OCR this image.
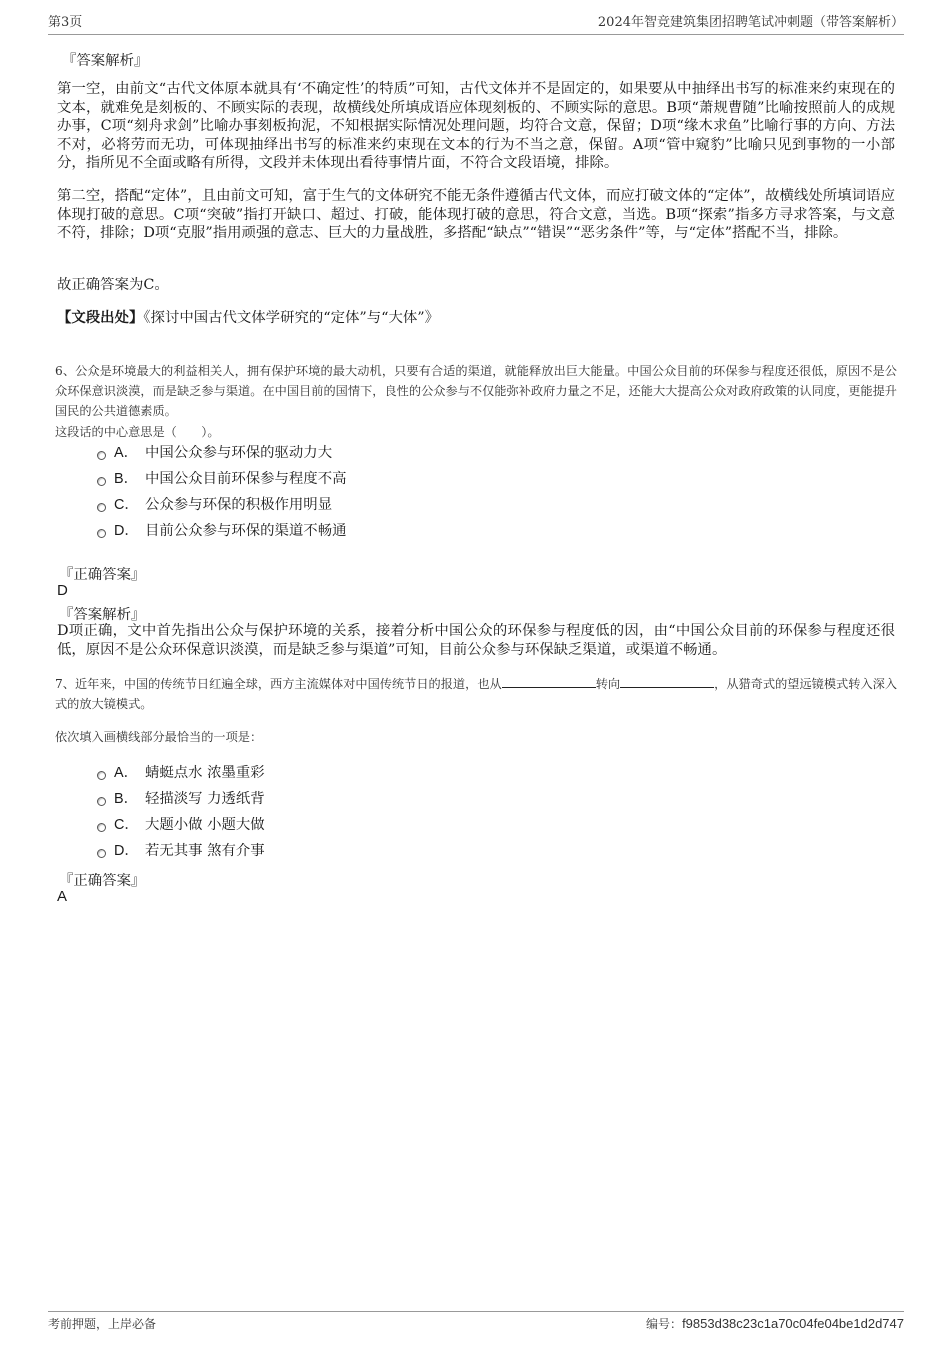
第3页	2024年智竞建筑集团招聘笔试冲刺题（带答案解析）
『答案解析』
第一空，由前文“古代文体原本就具有‘不确定性’的特质”可知，古代文体并不是固定的，如果要从中抽绎出书写的标准来约束现在的文本，就难免是刻板的、不顾实际的表现，故横线处所填成语应体现刻板的、不顾实际的意思。B项“萧规曹随”比喻按照前人的成规办事，C项“刻舟求剑”比喻办事刻板拘泥，不知根据实际情况处理问题，均符合文意，保留；D项“缘木求鱼”比喻行事的方向、方法不对，必将劳而无功，可体现抽绎出书写的标准来约束现在文本的行为不当之意，保留。A项“管中窥豹”比喻只见到事物的一小部分，指所见不全面或略有所得，文段并未体现出看待事情片面，不符合文段语境，排除。
第二空，搭配“定体”，且由前文可知，富于生气的文体研究不能无条件遵循古代文体，而应打破文体的“定体”，故横线处所填词语应体现打破的意思。C项“突破”指打开缺口、超过、打破，能体现打破的意思，符合文意，当选。B项“探索”指多方寻求答案，与文意不符，排除；D项“克服”指用顽强的意志、巨大的力量战胜，多搭配“缺点”“错误”“恶劣条件”等，与“定体”搭配不当，排除。
故正确答案为C。
【文段出处】《探讨中国古代文体学研究的“定体”与“大体”》
6、公众是环境最大的利益相关人，拥有保护环境的最大动机，只要有合适的渠道，就能释放出巨大能量。中国公众目前的环保参与程度还很低，原因不是公众环保意识淡漠，而是缺乏参与渠道。在中国目前的国情下，良性的公众参与不仅能弥补政府力量之不足，还能大大提高公众对政府政策的认同度，更能提升国民的公共道德素质。
这段话的中心意思是（　　）。
A． 中国公众参与环保的驱动力大
B． 中国公众目前环保参与程度不高
C． 公众参与环保的积极作用明显
D． 目前公众参与环保的渠道不畅通
『正确答案』
D
『答案解析』
D项正确，文中首先指出公众与保护环境的关系，接着分析中国公众的环保参与程度低的因，由“中国公众目前的环保参与程度还很低，原因不是公众环保意识淡漠，而是缺乏参与渠道”可知，目前公众参与环保缺乏渠道，或渠道不畅通。
7、近年来，中国的传统节日红遍全球，西方主流媒体对中国传统节日的报道，也从	转向	，从猎奇式的望远镜模式转入深入式的放大镜模式。
依次填入画横线部分最恰当的一项是：
A． 蜻蜓点水 浓墨重彩
B． 轻描淡写 力透纸背
C． 大题小做 小题大做
D． 若无其事 煞有介事
『正确答案』
A
考前押题，上岸必备	编号：f9853d38c23c1a70c04fe04be1d2d747
